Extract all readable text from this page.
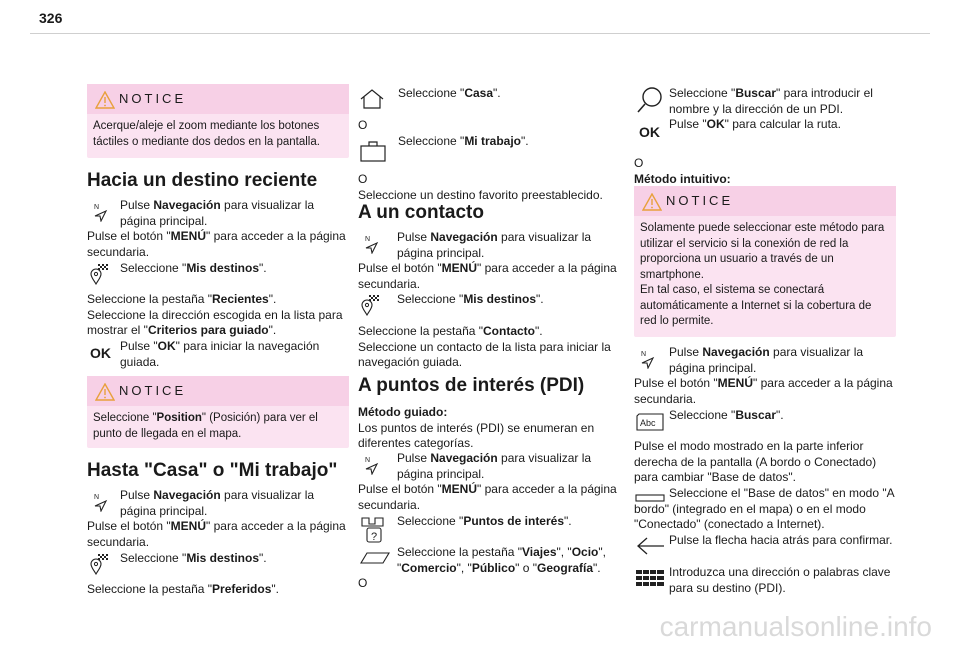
326
NOTICE
Acerque/aleje el zoom mediante los botones táctiles o mediante dos dedos en la pantalla.
Hacia un destino reciente
N	Pulse Navegación para visualizar la página principal.

Pulse el botón "MENÚ" para acceder a la página secundaria.

Seleccione "Mis destinos".

Seleccione la pestaña "Recientes".

Seleccione la dirección escogida en la lista para mostrar el "Criterios para guiado".

OK Pulse "OK" para iniciar la navegación guiada.

NOTICE
Seleccione "Position" (Posición) para ver el punto de llegada en el mapa.
Hasta "Casa" o "Mi trabajo"
N	Pulse Navegación para visualizar la página principal.

Pulse el botón "MENÚ" para acceder a la página secundaria.

Seleccione "Mis destinos".

Seleccione la pestaña "Preferidos".

Seleccione "Casa".

O

Seleccione "Mi trabajo".

O

Seleccione un destino favorito preestablecido.

A un contacto
N	Pulse Navegación para visualizar la página principal.

Pulse el botón "MENÚ" para acceder a la página secundaria.

Seleccione "Mis destinos".

Seleccione la pestaña "Contacto".

Seleccione un contacto de la lista para iniciar la navegación guiada.

A puntos de interés (PDI)

Método guiado:

Los puntos de interés (PDI) se enumeran en diferentes categorías.

N	Pulse Navegación para visualizar la página principal.

Pulse el botón "MENÚ" para acceder a la página secundaria.

?

Seleccione "Puntos de interés".

Seleccione la pestaña "Viajes", "Ocio", "Comercio", "Público" o "Geografía".

O

OK

Seleccione "Buscar" para introducir el nombre y la dirección de un PDI.

Pulse "OK" para calcular la ruta.

O

Método intuitivo:

NOTICE
Solamente puede seleccionar este método para utilizar el servicio si la conexión de red la proporciona un usuario a través de un smartphone.
En tal caso, el sistema se conectará automáticamente a Internet si la cobertura de red lo permite.
N	Pulse Navegación para visualizar la página principal.

Pulse el botón "MENÚ" para acceder a la página secundaria.

Abc

Seleccione "Buscar".

Pulse el modo mostrado en la parte inferior derecha de la pantalla (A bordo o Conectado) para cambiar "Base de datos".

Seleccione el "Base de datos" en modo "A bordo" (integrado en el mapa) o en el modo "Conectado" (conectado a Internet).

Pulse la flecha hacia atrás para confirmar.

Introduzca una dirección o palabras clave para su destino (PDI).

carmanualsonline.info
